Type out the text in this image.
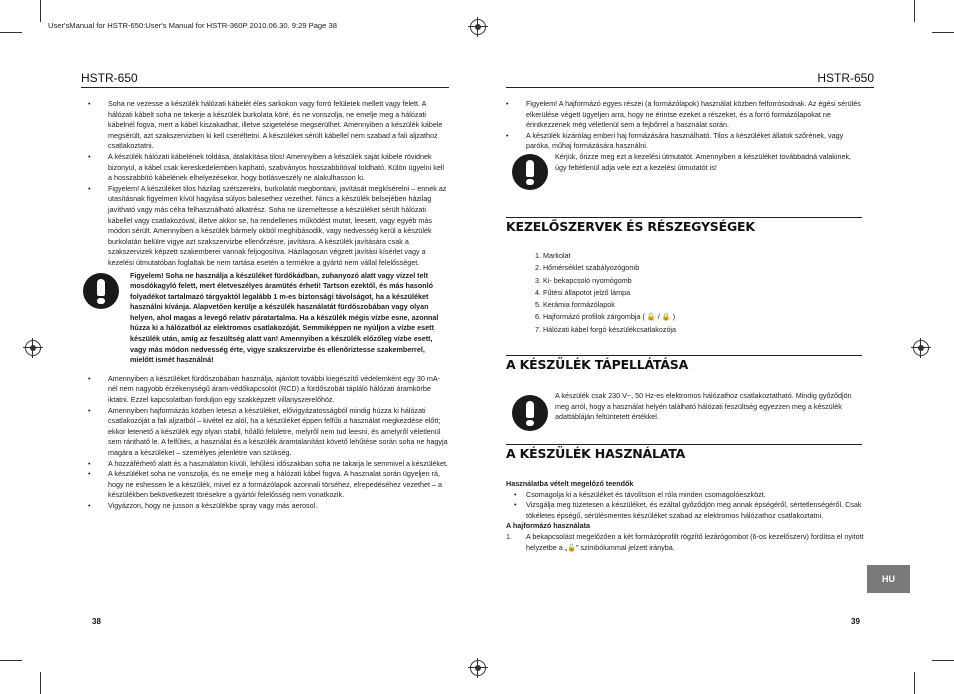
User'sManual for HSTR-650:User's Manual for HSTR-360P 2010.06.30. 9:29 Page 38
HSTR-650	HSTR-650

• Soha ne vezesse a készülék hálózati kábelét éles sarkokon vagy forró felületek mellett vagy felett. A hálózati kábelt soha ne tekerje a készülék burkolata köré, és ne vonszolja, ne emelje meg a hálózati kábelnél fogva, mert a kábel kiszakadhat, illetve szigetelése megsérülhet. Amennyiben a készülék kábele megsérült, azt szakszervizben ki kell cseréltetni. A készüléket sérült kábellel nem szabad a fali aljzathoz csatlakoztatni.

• A készülék hálózati kábelének toldása, átalakítása tilos! Amennyiben a készülék saját kábele rövidnek bizonyul, a kábel csak kereskedelemben kapható, szabványos hosszabbítóval toldható. Külön ügyelni kell a hosszabbító kábelének elhelyezésekor, hogy botlásveszély ne alakulhasson ki.

• Figyelem! A készüléket tilos házilag szétszerelni, burkolatát megbontani, javítását megkísérelni – ennek az utasításnak figyelmen kívül hagyása súlyos balesethez vezethet. Nincs a készülék belsejében házilag javítható vagy más célra felhasználható alkatrész. Soha ne üzemeltesse a készüléket sérült hálózati kábellel vagy csatlakozóval, illetve akkor se, ha rendellenes működést mutat, leesett, vagy egyéb más módon sérült. Amennyiben a készülék bármely okból meghibásodik, vagy nedvesség kerül a készülék burkolatán belülre vigye azt szakszervizbe ellenőrzésre, javításra. A készülék javítására csak a szakszervizek képzett szakemberei vannak feljogosítva. Házilagosan végzett javítási kísérlet vagy a kezelési útmutatóban foglaltak be nem tartása esetén a termékre a gyártó nem vállal felelősséget.

Figyelem! Soha ne használja a készüléket fürdőkádban, zuhanyozó alatt vagy vízzel telt mosdókagyló felett, mert életveszélyes áramütés érheti! Tartson ezektől, és más hasonló folyadékot tartalmazó tárgyaktól legalább 1 m-es biztonsági távolságot, ha a készüléket használni kívánja. Alapvetően kerülje a készülék használatát fürdőszobában vagy olyan helyen, ahol magas a levegő relatív páratartalma. Ha a készülék mégis vízbe esne, azonnal húzza ki a hálózatból az elektromos csatlakozóját. Semmiképpen ne nyúljon a vízbe esett készülék után, amíg az feszültség alatt van! Amennyiben a készülék előzőleg vízbe esett, vagy más módon nedvesség érte, vigye szakszervizbe és ellenőriztesse szakemberrel, mielőtt ismét használná!

• Amennyiben a készüléket fürdőszobában használja, ajánlott további kiegészítő védelemként egy 30 mA-nél nem nagyobb érzékenységű áram-védőkapcsolót (RCD) a fürdőszobát tápláló hálózati áramkörbe iktatni. Ezzel kapcsolatban forduljon egy szakképzett villanyszerelőhöz.

• Amennyiben hajformázás közben leteszi a készüléket, elővigyázatosságból mindig húzza ki hálózati csatlakozóját a fali aljzatból – kivétel ez alól, ha a készüléket éppen felfűti a használat megkezdése előtt; ekkor letenető a készülék egy olyan stabil, hőálló felületre, melyről nem tud leesni, és amelyről véletlenül sem ránthatő le. A felfűtés, a használat és a készülék áramtalanítást követő lehűtése során soha ne hagyja magára a készüléket – személyes jelenlétre van szükség.

• A hozzáférhető alatt és a használaton kívüli, lehűlési időszakban soha ne takarja le semmivel a készüléket.

• A készüléket soha ne vonszolja, és ne emelje meg a hálózati kábel fogva. A hasznalat során ügyeljen rá, hogy ne eshessen le a készülék, mivel ez a formázólapok azonnali törséhez, elrepedéséhez vezethet – a készülékben bekövetkezett törésekre a gyártói felelősség nem vonatkozik.

• Vigyázzon, hogy ne jusson a készülékbe spray vagy más aerosol.

38

• Figyelem! A hajformázó egyes részei (a formázólapok) használat közben felforrósodnak. Az égési sérülés elkerülése végett ügyeljen arra, hogy ne érintse ezeket a részeket, és a forró formázólapokat ne érintkezzenek még véletlenül sem a fejbőrrel a használat során.

• A készülék kizárólag emberi haj formázására használható. Tilos a készüléket állatok szőrének, vagy paróka, műhaj formázására használni.

Kérjük, őrizze meg ezt a kezelési útmutatót. Amennyiben a készüléket továbbadná valakinek, úgy feltétlenül adja vele ezt a kezelési útmutatót is!

KEZELŐSZERVEK ÉS RÉSZEGYSÉGEK

1. Markolat

2. Hőmérséklet szabályozógomb

3. Ki- bekapcsoló nyomógomb

4. Fűtési állapotot jelző lámpa

5. Kerámia formázólapok

6. Hajformázó profilok zárgombja ( 🔓 / 🔒 )

7. Hálózati kábel forgó készülékcsatlakozója

A KÉSZÜLÉK TÁPELLÁTÁSA

A készülék csak 230 V~, 50 Hz-es elektromos hálózathoz csatlakoztatható. Mindig győződjön meg arról, hogy a használat helyén található hálózati feszültség egyezzen meg a készülék adattábláján feltüntetett értékkel.

A KÉSZÜLÉK HASZNÁLATA

Használatba vételt megelőző teendők

• Csomagolja ki a készüléket és távolítson el róla minden csomagolóeszközt.

• Vizsgálja meg tüzetesen a készüléket, és ezáltal győződjön meg annak épségéről, sértetlenségéről. Csak tökéletes épségű, sérülésmentes készüléket szabad az elektromos hálózathoz csatlakoztatni.

A hajformázó használata

1. A bekapcsolást megelőzően a két formázóprofilt rögzítő lezárógombot (6-os kezelőszerv) fordítsa el nyitott helyzetbe a „🔓” szimbólummal jelzett irányba.
HU
39
